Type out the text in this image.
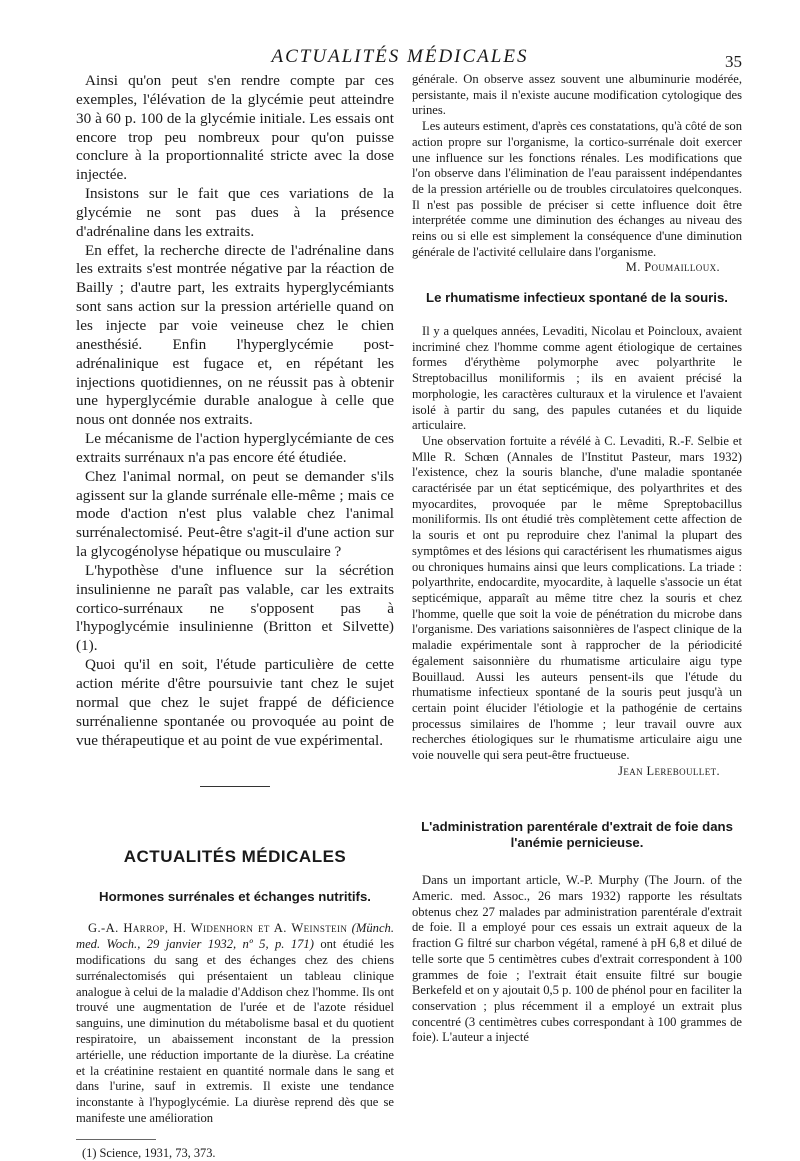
ACTUALITÉS MÉDICALES	35

Ainsi qu'on peut s'en rendre compte par ces exemples, l'élévation de la glycémie peut atteindre 30 à 60 p. 100 de la glycémie initiale. Les essais ont encore trop peu nombreux pour qu'on puisse conclure à la proportionnalité stricte avec la dose injectée.

Insistons sur le fait que ces variations de la glycémie ne sont pas dues à la présence d'adrénaline dans les extraits.

En effet, la recherche directe de l'adrénaline dans les extraits s'est montrée négative par la réaction de Bailly ; d'autre part, les extraits hyperglycémiants sont sans action sur la pression artérielle quand on les injecte par voie veineuse chez le chien anesthésié. Enfin l'hyperglycémie post-adrénalinique est fugace et, en répétant les injections quotidiennes, on ne réussit pas à obtenir une hyperglycémie durable analogue à celle que nous ont donnée nos extraits.

Le mécanisme de l'action hyperglycémiante de ces extraits surrénaux n'a pas encore été étudiée.

Chez l'animal normal, on peut se demander s'ils agissent sur la glande surrénale elle-même ; mais ce mode d'action n'est plus valable chez l'animal surrénalectomisé. Peut-être s'agit-il d'une action sur la glycogénolyse hépatique ou musculaire ?

L'hypothèse d'une influence sur la sécrétion insulinienne ne paraît pas valable, car les extraits cortico-surrénaux ne s'opposent pas à l'hypoglycémie insulinienne (Britton et Silvette) (1).

Quoi qu'il en soit, l'étude particulière de cette action mérite d'être poursuivie tant chez le sujet normal que chez le sujet frappé de déficience surrénalienne spontanée ou provoquée au point de vue thérapeutique et au point de vue expérimental.

ACTUALITÉS MÉDICALES
Hormones surrénales et échanges nutritifs.

G.-A. Harrop, H. Widenhorn et A. Weinstein (Münch. med. Woch., 29 janvier 1932, nº 5, p. 171) ont étudié les modifications du sang et des échanges chez des chiens surrénalectomisés qui présentaient un tableau clinique analogue à celui de la maladie d'Addison chez l'homme. Ils ont trouvé une augmentation de l'urée et de l'azote résiduel sanguins, une diminution du métabolisme basal et du quotient respiratoire, un abaissement inconstant de la pression artérielle, une réduction importante de la diurèse. La créatine et la créatinine restaient en quantité normale dans le sang et dans l'urine, sauf in extremis. Il existe une tendance inconstante à l'hypoglycémie. La diurèse reprend dès que se manifeste une amélioration

(1) Science, 1931, 73, 373.

générale. On observe assez souvent une albuminurie modérée, persistante, mais il n'existe aucune modification cytologique des urines.

Les auteurs estiment, d'après ces constatations, qu'à côté de son action propre sur l'organisme, la cortico-surrénale doit exercer une influence sur les fonctions rénales. Les modifications que l'on observe dans l'élimination de l'eau paraissent indépendantes de la pression artérielle ou de troubles circulatoires quelconques. Il n'est pas possible de préciser si cette influence doit être interprétée comme une diminution des échanges au niveau des reins ou si elle est simplement la conséquence d'une diminution générale de l'activité cellulaire dans l'organisme.

M. Poumailloux.

Le rhumatisme infectieux spontané de la souris.

Il y a quelques années, Levaditi, Nicolau et Poincloux, avaient incriminé chez l'homme comme agent étiologique de certaines formes d'érythème polymorphe avec polyarthrite le Streptobacillus moniliformis ; ils en avaient précisé la morphologie, les caractères culturaux et la virulence et l'avaient isolé à partir du sang, des papules cutanées et du liquide articulaire.

Une observation fortuite a révélé à C. Levaditi, R.-F. Selbie et Mlle R. Schœn (Annales de l'Institut Pasteur, mars 1932) l'existence, chez la souris blanche, d'une maladie spontanée caractérisée par un état septicémique, des polyarthrites et des myocardites, provoquée par le même Spreptobacillus moniliformis. Ils ont étudié très complètement cette affection de la souris et ont pu reproduire chez l'animal la plupart des symptômes et des lésions qui caractérisent les rhumatismes aigus ou chroniques humains ainsi que leurs complications. La triade : polyarthrite, endocardite, myocardite, à laquelle s'associe un état septicémique, apparaît au même titre chez la souris et chez l'homme, quelle que soit la voie de pénétration du microbe dans l'organisme. Des variations saisonnières de l'aspect clinique de la maladie expérimentale sont à rapprocher de la périodicité également saisonnière du rhumatisme articulaire aigu type Bouillaud. Aussi les auteurs pensent-ils que l'étude du rhumatisme infectieux spontané de la souris peut jusqu'à un certain point élucider l'étiologie et la pathogénie de certains processus similaires de l'homme ; leur travail ouvre aux recherches étiologiques sur le rhumatisme articulaire aigu une voie nouvelle qui sera peut-être fructueuse.

Jean Lereboullet.

L'administration parentérale d'extrait de foie dans l'anémie pernicieuse.

Dans un important article, W.-P. Murphy (The Journ. of the Americ. med. Assoc., 26 mars 1932) rapporte les résultats obtenus chez 27 malades par administration parentérale d'extrait de foie. Il a employé pour ces essais un extrait aqueux de la fraction G filtré sur charbon végétal, ramené à pH 6,8 et dilué de telle sorte que 5 centimètres cubes d'extrait correspondent à 100 grammes de foie ; l'extrait était ensuite filtré sur bougie Berkefeld et on y ajoutait 0,5 p. 100 de phénol pour en faciliter la conservation ; plus récemment il a employé un extrait plus concentré (3 centimètres cubes correspondant à 100 grammes de foie). L'auteur a injecté
